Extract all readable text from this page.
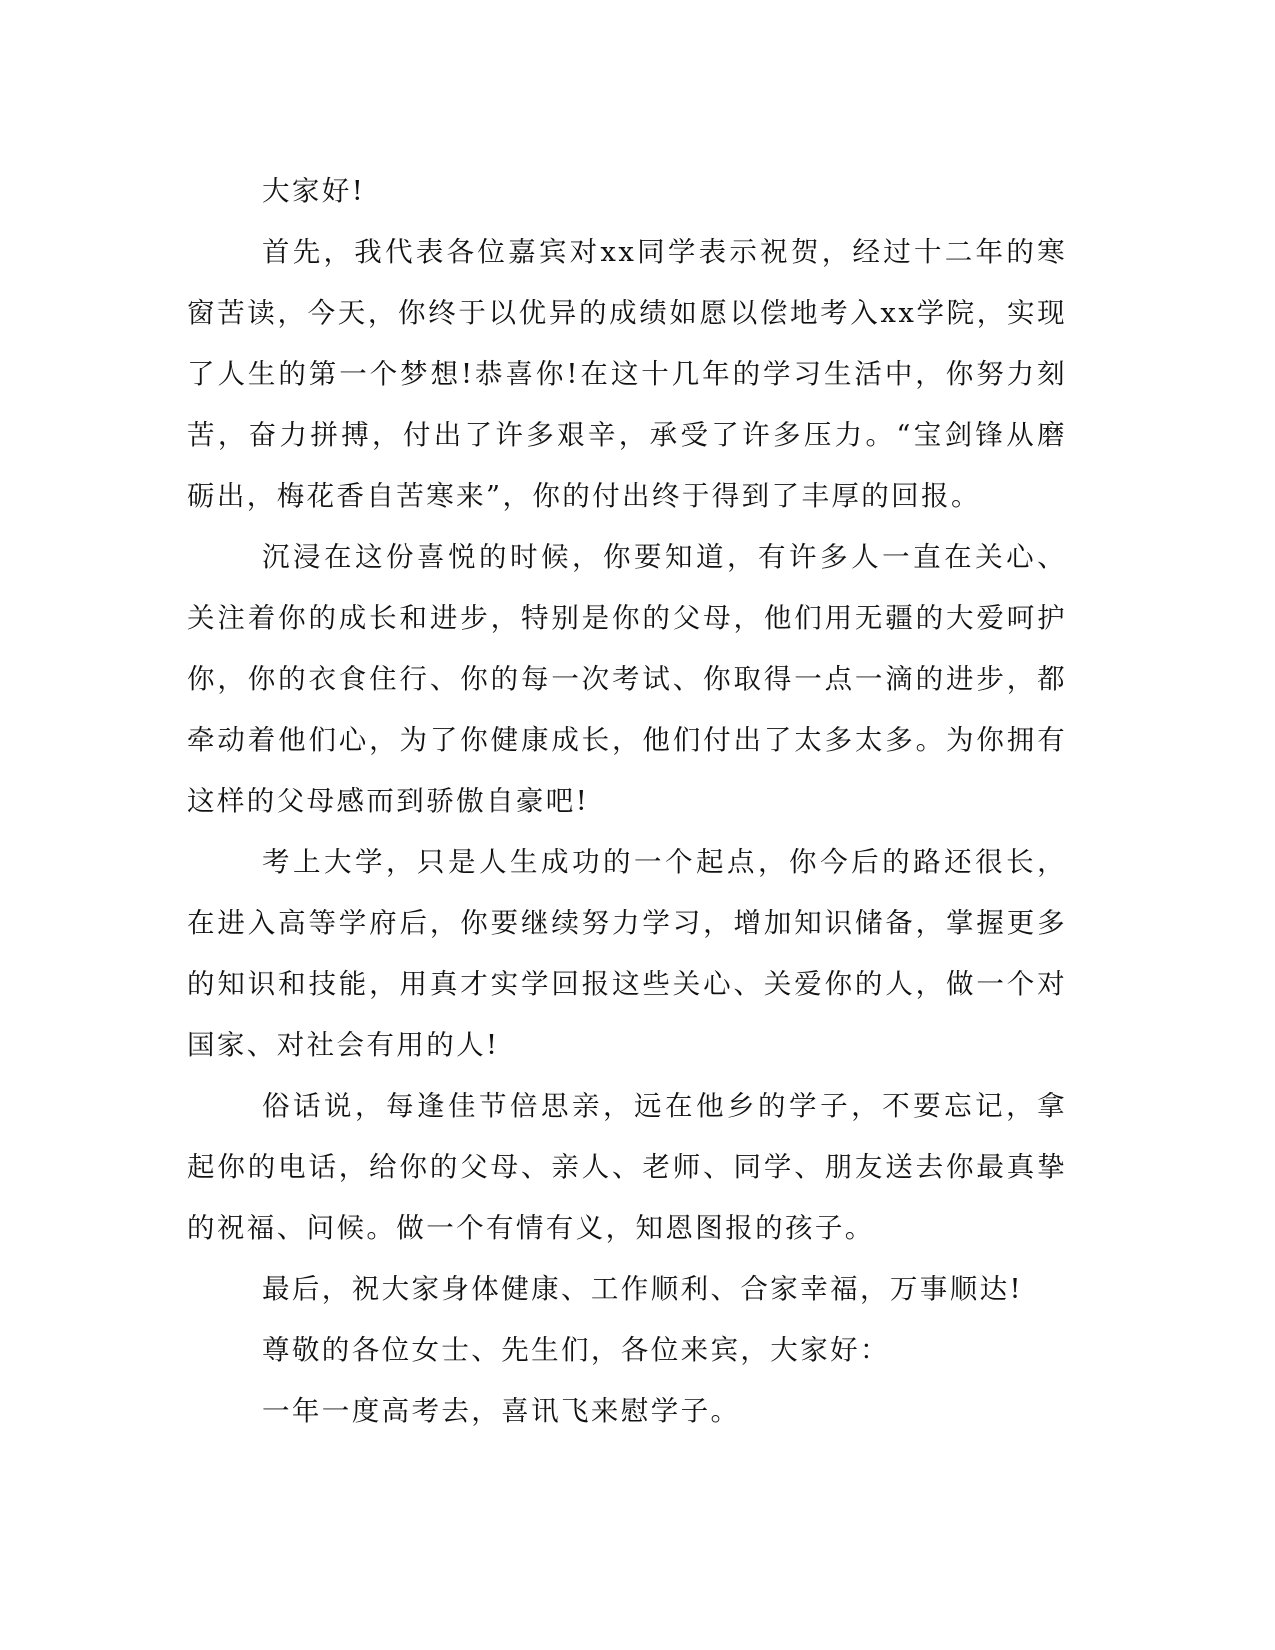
大家好!

首先，我代表各位嘉宾对xx同学表示祝贺，经过十二年的寒窗苦读，今天，你终于以优异的成绩如愿以偿地考入xx学院，实现了人生的第一个梦想!恭喜你!在这十几年的学习生活中，你努力刻苦，奋力拼搏，付出了许多艰辛，承受了许多压力。“宝剑锋从磨砺出，梅花香自苦寒来”，你的付出终于得到了丰厚的回报。

沉浸在这份喜悦的时候，你要知道，有许多人一直在关心、关注着你的成长和进步，特别是你的父母，他们用无疆的大爱呵护你，你的衣食住行、你的每一次考试、你取得一点一滴的进步，都牵动着他们心，为了你健康成长，他们付出了太多太多。为你拥有这样的父母感而到骄傲自豪吧!

考上大学，只是人生成功的一个起点，你今后的路还很长，在进入高等学府后，你要继续努力学习，增加知识储备，掌握更多的知识和技能，用真才实学回报这些关心、关爱你的人，做一个对国家、对社会有用的人!

俗话说，每逢佳节倍思亲，远在他乡的学子，不要忘记，拿起你的电话，给你的父母、亲人、老师、同学、朋友送去你最真挚的祝福、问候。做一个有情有义，知恩图报的孩子。

最后，祝大家身体健康、工作顺利、合家幸福，万事顺达!

尊敬的各位女士、先生们，各位来宾，大家好：

一年一度高考去，喜讯飞来慰学子。
